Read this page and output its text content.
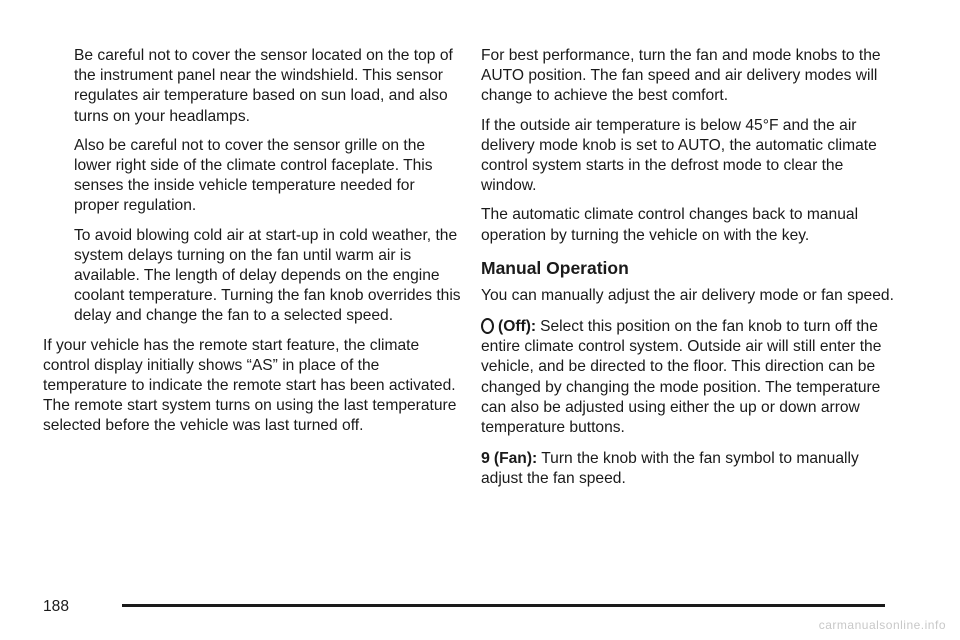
Be careful not to cover the sensor located on the top of the instrument panel near the windshield. This sensor regulates air temperature based on sun load, and also turns on your headlamps.

Also be careful not to cover the sensor grille on the lower right side of the climate control faceplate. This senses the inside vehicle temperature needed for proper regulation.

To avoid blowing cold air at start-up in cold weather, the system delays turning on the fan until warm air is available. The length of delay depends on the engine coolant temperature. Turning the fan knob overrides this delay and change the fan to a selected speed.

If your vehicle has the remote start feature, the climate control display initially shows “AS” in place of the temperature to indicate the remote start has been activated. The remote start system turns on using the last temperature selected before the vehicle was last turned off.

For best performance, turn the fan and mode knobs to the AUTO position. The fan speed and air delivery modes will change to achieve the best comfort.

If the outside air temperature is below 45°F and the air delivery mode knob is set to AUTO, the automatic climate control system starts in the defrost mode to clear the window.

The automatic climate control changes back to manual operation by turning the vehicle on with the key.

Manual Operation

You can manually adjust the air delivery mode or fan speed.

(Off): Select this position on the fan knob to turn off the entire climate control system. Outside air will still enter the vehicle, and be directed to the floor. This direction can be changed by changing the mode position. The temperature can also be adjusted using either the up or down arrow temperature buttons.

9 (Fan): Turn the knob with the fan symbol to manually adjust the fan speed.

188
carmanualsonline.info
